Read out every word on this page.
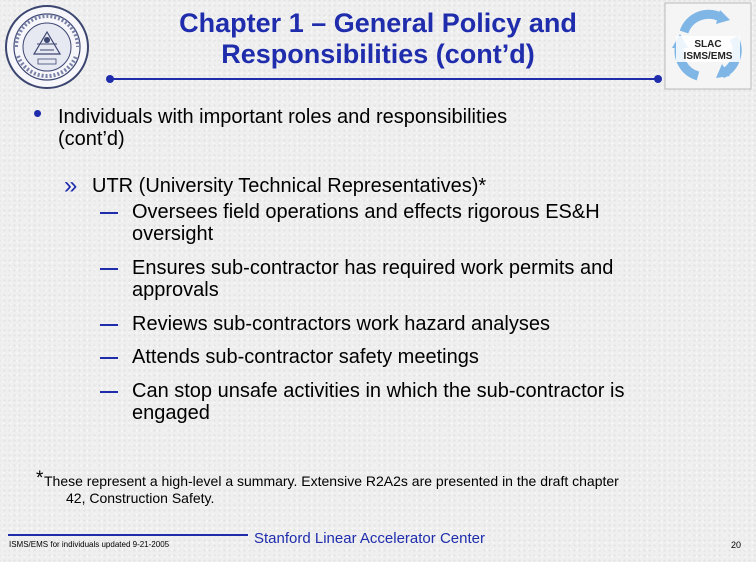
Chapter 1 – General Policy and
Responsibilities (cont’d)	SLAC
ISMS/EMS
• Individuals with important roles and responsibilities
(cont’d)
» UTR (University Technical Representatives)*
Oversees field operations and effects rigorous ES&H
oversight
Ensures sub-contractor has required work permits and
approvals
Reviews sub-contractors work hazard analyses
Attends sub-contractor safety meetings
Can stop unsafe activities in which the sub-contractor is
engaged
* These represent a high-level a summary. Extensive R2A2s are presented in the draft chapter
42, Construction Safety.
ISMS/EMS for individuals updated 9-21-2005	Stanford Linear Accelerator Center	20
